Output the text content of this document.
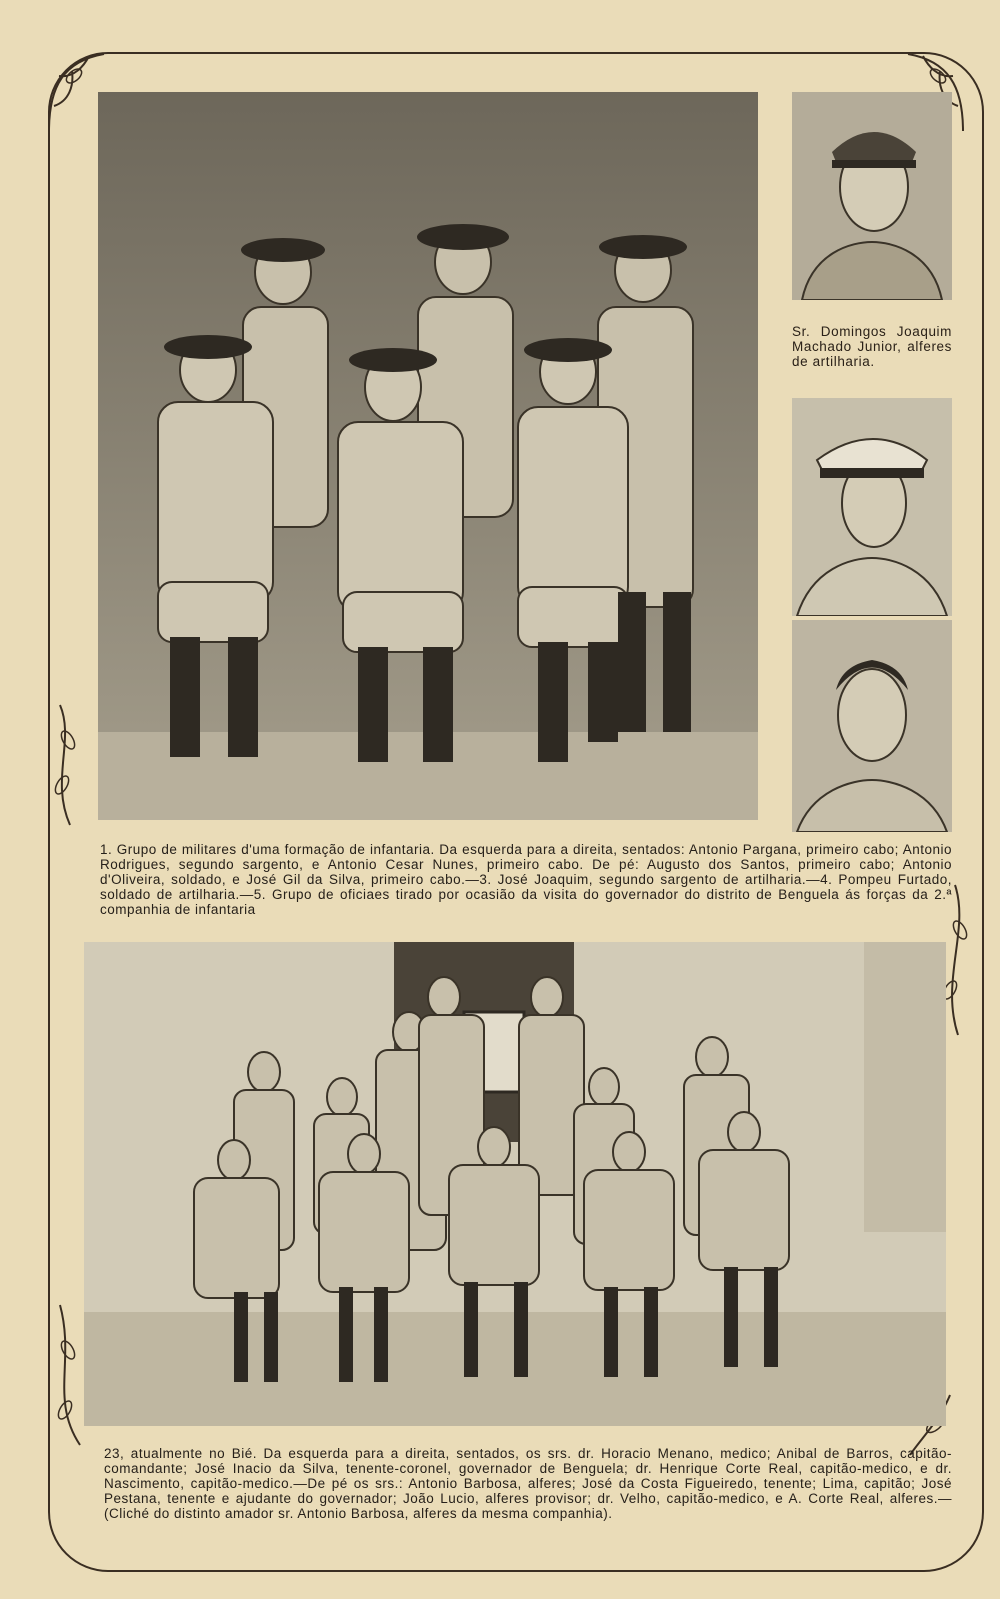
Sr. Domingos Joaquim Machado Junior, alferes de artilharia.
1. Grupo de militares d'uma formação de infantaria. Da esquerda para a direita, sentados: Antonio Pargana, primeiro cabo; Antonio Rodrigues, segundo sargento, e Antonio Cesar Nunes, primeiro cabo. De pé: Augusto dos Santos, primeiro cabo; Antonio d'Oliveira, soldado, e José Gil da Silva, primeiro cabo.—3. José Joaquim, segundo sargento de artilharia.—4. Pompeu Furtado, soldado de artilharia.—5. Grupo de oficiaes tirado por ocasião da visita do governador do distrito de Benguela ás forças da 2.ª companhia de infantaria
23, atualmente no Bié. Da esquerda para a direita, sentados, os srs. dr. Horacio Menano, medico; Anibal de Barros, capitão-comandante; José Inacio da Silva, tenente-coronel, governador de Benguela; dr. Henrique Corte Real, capitão-medico, e dr. Nascimento, capitão-medico.—De pé os srs.: Antonio Barbosa, alferes; José da Costa Figueiredo, tenente; Lima, capitão; José Pestana, tenente e ajudante do governador; João Lucio, alferes provisor; dr. Velho, capitão-medico, e A. Corte Real, alferes.—(Cliché do distinto amador sr. Antonio Barbosa, alferes da mesma companhia).
